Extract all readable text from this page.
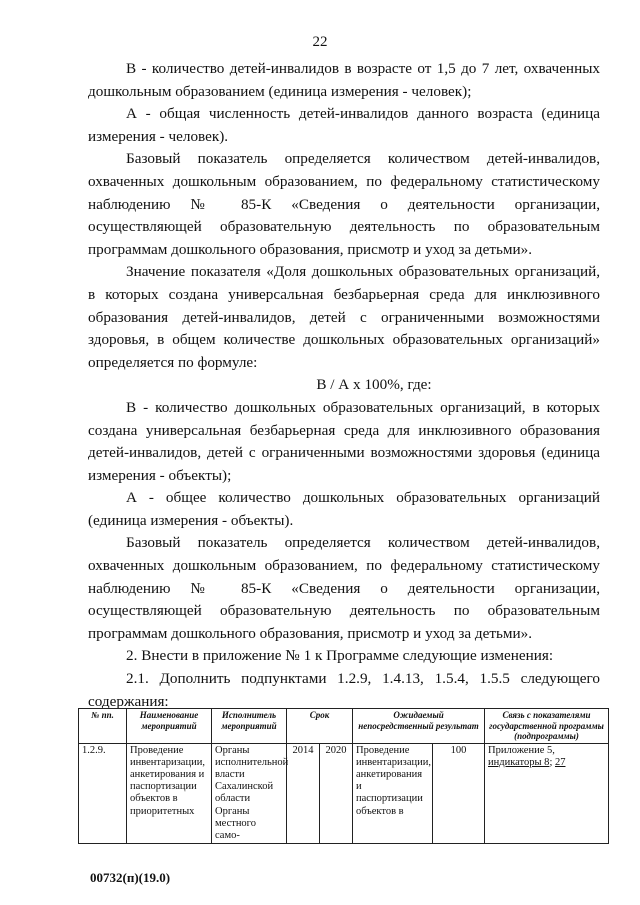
22

В - количество детей-инвалидов в возрасте от 1,5 до 7 лет, охваченных дошкольным образованием (единица измерения - человек);

А - общая численность детей-инвалидов данного возраста (единица измерения - человек).

Базовый показатель определяется количеством детей-инвалидов, охваченных дошкольным образованием, по федеральному статистическому наблюдению № 85-К «Сведения о деятельности организации, осуществляющей образовательную деятельность по образовательным программам дошкольного образования, присмотр и уход за детьми».

Значение показателя «Доля дошкольных образовательных организаций, в которых создана универсальная безбарьерная среда для инклюзивного образования детей-инвалидов, детей с ограниченными возможностями здоровья, в общем количестве дошкольных образовательных организаций» определяется по формуле:

В / А х 100%, где:

В - количество дошкольных образовательных организаций, в которых создана универсальная безбарьерная среда для инклюзивного образования детей-инвалидов, детей с ограниченными возможностями здоровья (единица измерения - объекты);

А - общее количество дошкольных образовательных организаций (единица измерения - объекты).

Базовый показатель определяется количеством детей-инвалидов, охваченных дошкольным образованием, по федеральному статистическому наблюдению № 85-К «Сведения о деятельности организации, осуществляющей образовательную деятельность по образовательным программам дошкольного образования, присмотр и уход за детьми».

2. Внести в приложение № 1 к Программе следующие изменения:

2.1. Дополнить подпунктами 1.2.9, 1.4.13, 1.5.4, 1.5.5 следующего содержания:

№ пп.	Наименование мероприятий	Исполнитель мероприятий	Срок		Ожидаемый непосредственный результат		Связь с показателями государственной программы (подпрограммы)
1.2.9.	Проведение инвентаризации, анкетирования и паспортизации объектов в приоритетных	Органы исполнительной власти Сахалинской области Органы местного само-	2014	2020	Проведение инвентаризации, анкетирования и паспортизации объектов в	100	Приложение 5, индикаторы 8; 27
00732(п)(19.0)
